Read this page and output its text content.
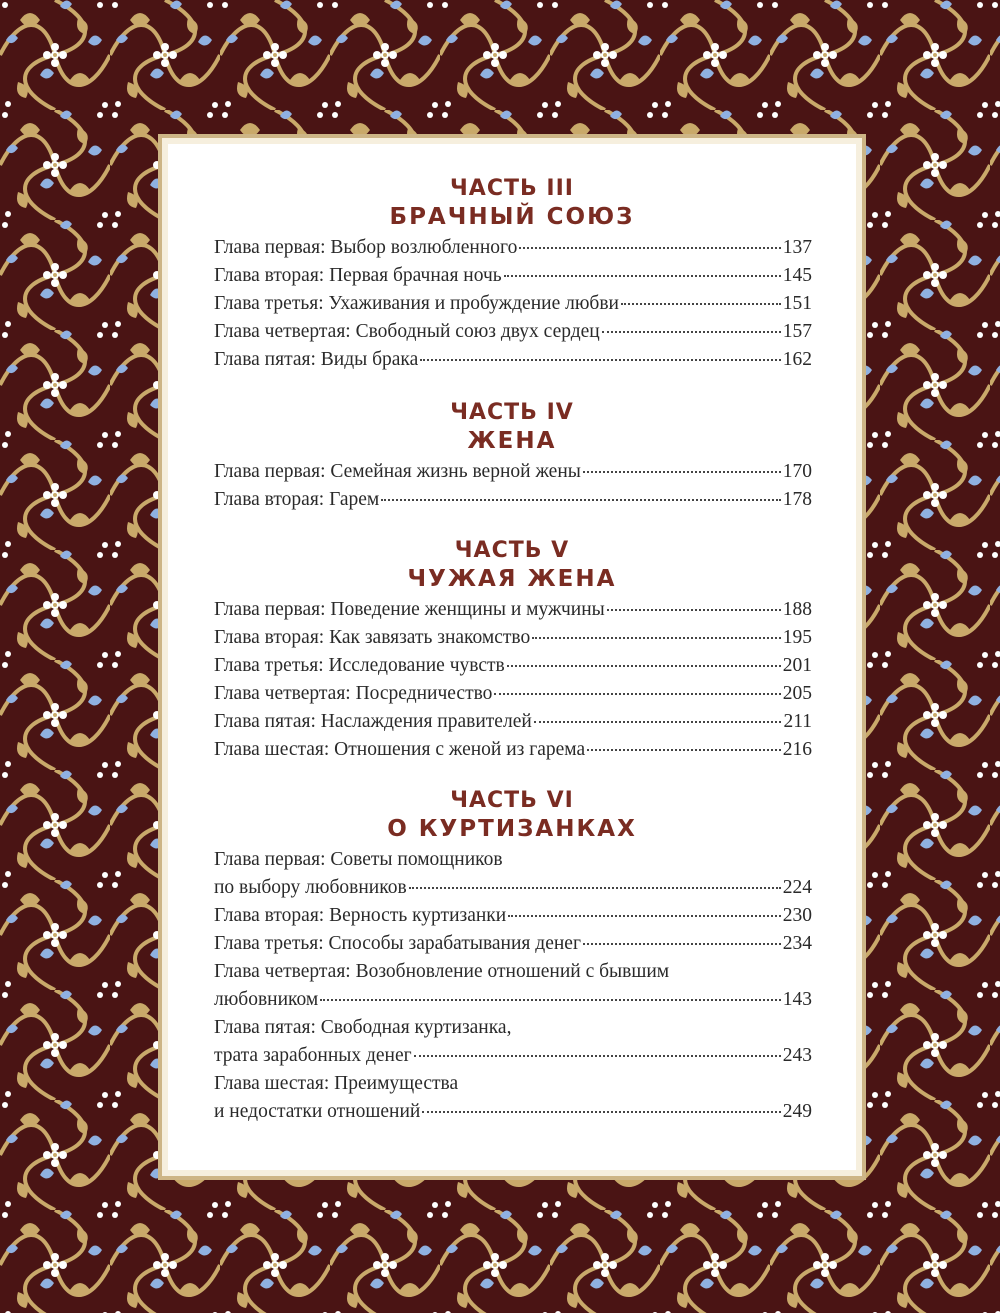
ЧАСТЬ III
БРАЧНЫЙ СОЮЗ
Глава первая: Выбор возлюбленного	137
Глава вторая: Первая брачная ночь	145
Глава третья: Ухаживания и пробуждение любви	151
Глава четвертая: Свободный союз двух сердец	157
Глава пятая: Виды брака	162
ЧАСТЬ IV
ЖЕНА
Глава первая: Семейная жизнь верной жены	170
Глава вторая: Гарем	178
ЧАСТЬ V
ЧУЖАЯ ЖЕНА
Глава первая: Поведение женщины и мужчины	188
Глава вторая: Как завязать знакомство	195
Глава третья: Исследование чувств	201
Глава четвертая: Посредничество	205
Глава пятая: Наслаждения правителей	211
Глава шестая: Отношения с женой из гарема	216
ЧАСТЬ VI
О КУРТИЗАНКАХ
Глава первая: Советы помощников
по выбору любовников	224
Глава вторая: Верность куртизанки	230
Глава третья: Способы зарабатывания денег	234
Глава четвертая: Возобновление отношений с бывшим
любовником	143
Глава пятая: Свободная куртизанка,
трата зарабонных денег	243
Глава шестая: Преимущества
и недостатки отношений	249
